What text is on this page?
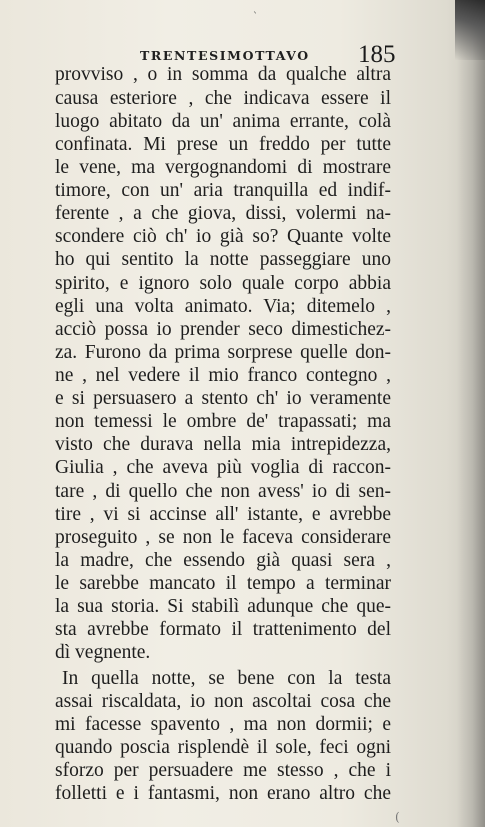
`
TRENTESIMOTTAVO 185
provviso , o in somma da qualche altra
causa esteriore , che indicava essere il
luogo abitato da un' anima errante, colà
confinata. Mi prese un freddo per tutte
le vene, ma vergognandomi di mostrare
timore, con un' aria tranquilla ed indif-
ferente , a che giova, dissi, volermi na-
scondere ciò ch' io già so? Quante volte
ho qui sentito la notte passeggiare uno
spirito, e ignoro solo quale corpo abbia
egli una volta animato. Via; ditemelo ,
acciò possa io prender seco dimestichez-
za. Furono da prima sorprese quelle don-
ne , nel vedere il mio franco contegno ,
e si persuasero a stento ch' io veramente
non temessi le ombre de' trapassati; ma
visto che durava nella mia intrepidezza,
Giulia , che aveva più voglia di raccon-
tare , di quello che non avess' io di sen-
tire , vi si accinse all' istante, e avrebbe
proseguito , se non le faceva considerare
la madre, che essendo già quasi sera ,
le sarebbe mancato il tempo a terminar
la sua storia. Si stabilì adunque che que-
sta avrebbe formato il trattenimento del
dì vegnente.
In quella notte, se bene con la testa
assai riscaldata, io non ascoltai cosa che
mi facesse spavento , ma non dormii; e
quando poscia risplendè il sole, feci ogni
sforzo per persuadere me stesso , che i
folletti e i fantasmi, non erano altro che
(
